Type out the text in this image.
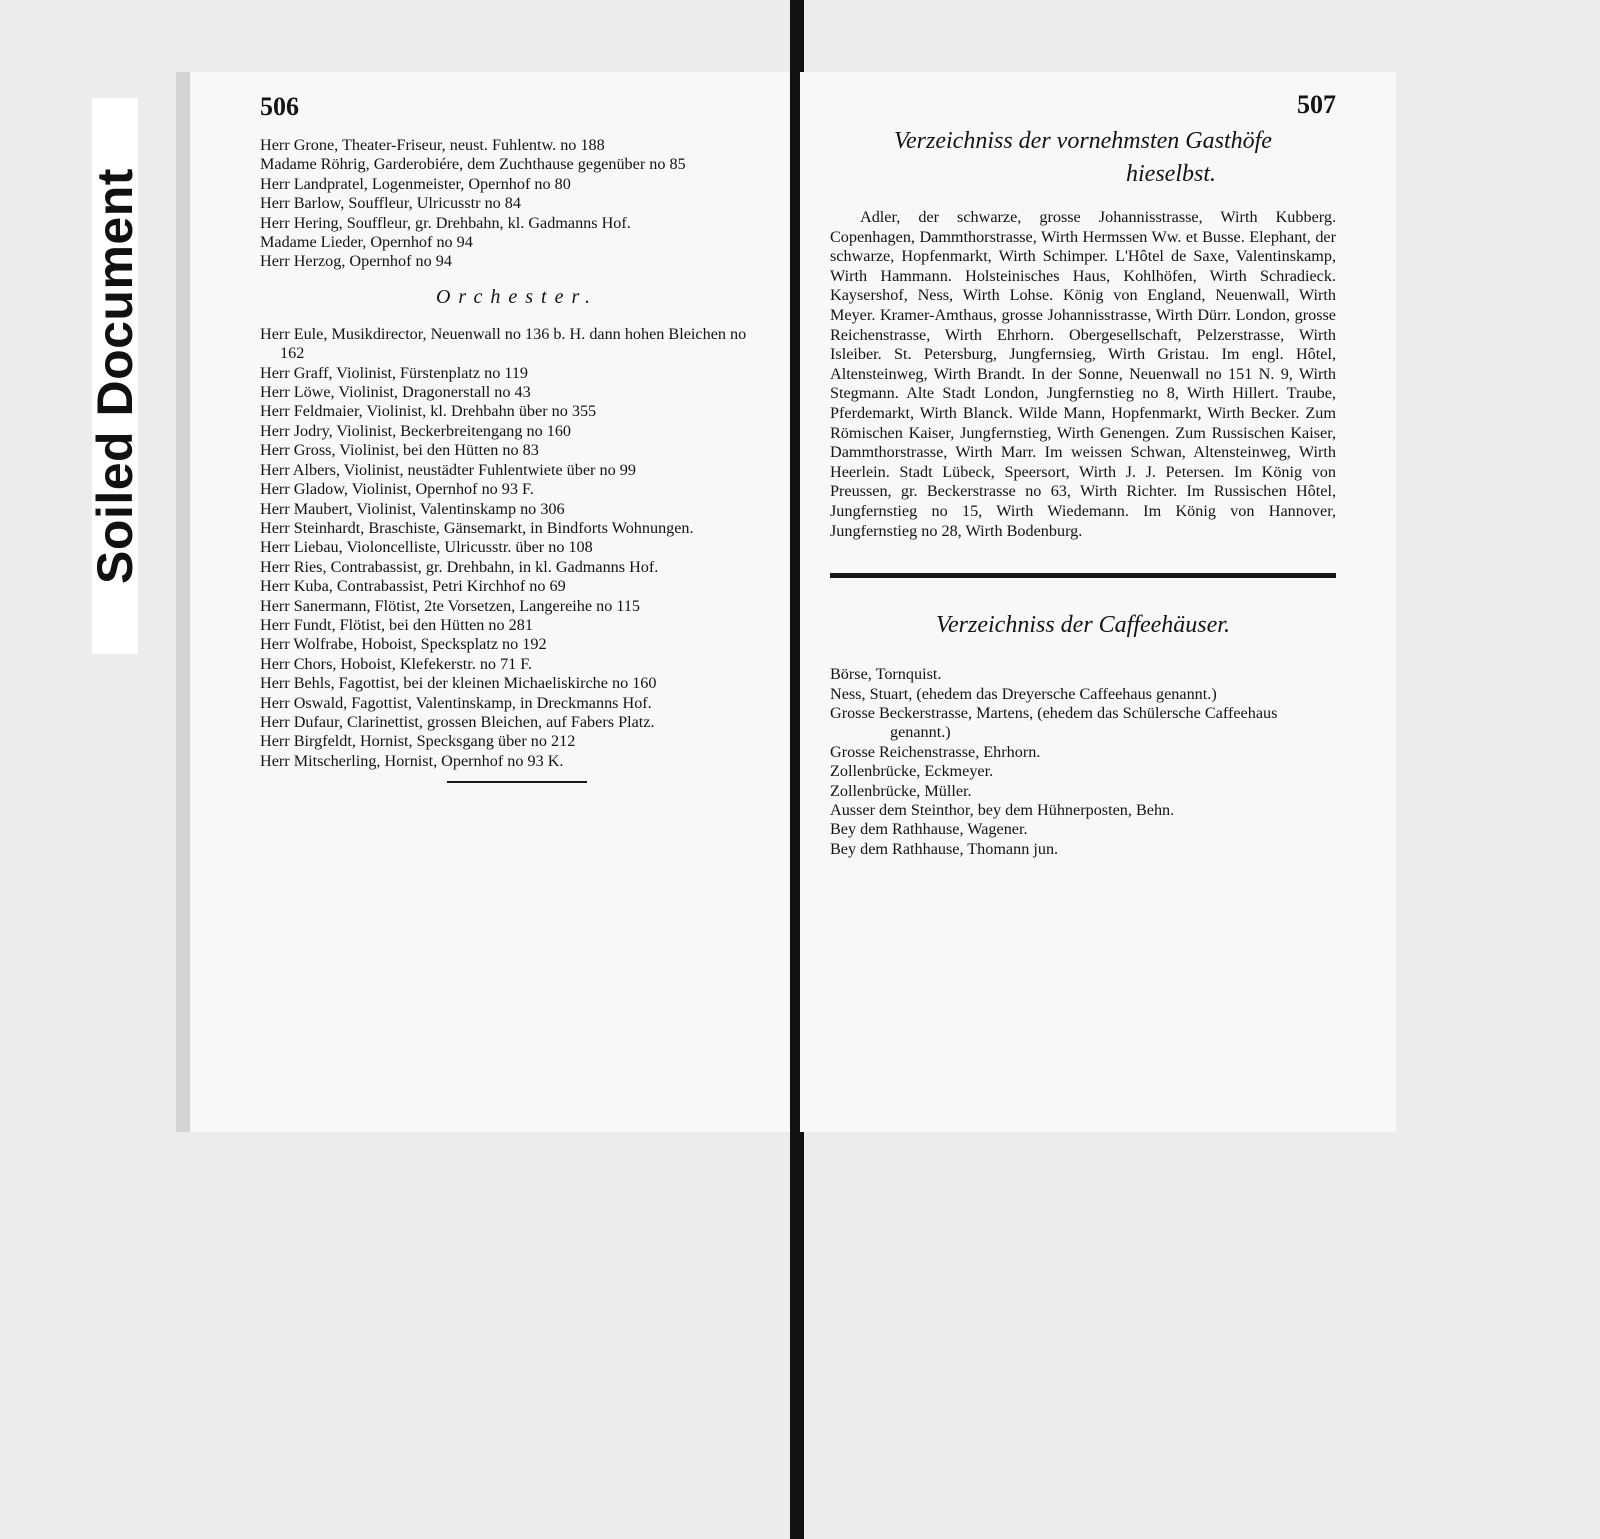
Soiled Document
506

Herr Grone, Theater-Friseur, neust. Fuhlentw. no 188

Madame Röhrig, Garderobiére, dem Zuchthause gegenüber no 85

Herr Landpratel, Logenmeister, Opernhof no 80

Herr Barlow, Souffleur, Ulricusstr no 84

Herr Hering, Souffleur, gr. Drehbahn, kl. Gadmanns Hof.

Madame Lieder, Opernhof no 94

Herr Herzog, Opernhof no 94

Orchester.

Herr Eule, Musikdirector, Neuenwall no 136 b. H. dann hohen Bleichen no 162

Herr Graff, Violinist, Fürstenplatz no 119

Herr Löwe, Violinist, Dragonerstall no 43

Herr Feldmaier, Violinist, kl. Drehbahn über no 355

Herr Jodry, Violinist, Beckerbreitengang no 160

Herr Gross, Violinist, bei den Hütten no 83

Herr Albers, Violinist, neustädter Fuhlentwiete über no 99

Herr Gladow, Violinist, Opernhof no 93 F.

Herr Maubert, Violinist, Valentinskamp no 306

Herr Steinhardt, Braschiste, Gänsemarkt, in Bindforts Wohnungen.

Herr Liebau, Violoncelliste, Ulricusstr. über no 108

Herr Ries, Contrabassist, gr. Drehbahn, in kl. Gadmanns Hof.

Herr Kuba, Contrabassist, Petri Kirchhof no 69

Herr Sanermann, Flötist, 2te Vorsetzen, Langereihe no 115

Herr Fundt, Flötist, bei den Hütten no 281

Herr Wolfrabe, Hoboist, Specksplatz no 192

Herr Chors, Hoboist, Klefekerstr. no 71 F.

Herr Behls, Fagottist, bei der kleinen Michaeliskirche no 160

Herr Oswald, Fagottist, Valentinskamp, in Dreckmanns Hof.

Herr Dufaur, Clarinettist, grossen Bleichen, auf Fabers Platz.

Herr Birgfeldt, Hornist, Specksgang über no 212

Herr Mitscherling, Hornist, Opernhof no 93 K.

507
Verzeichniss der vornehmsten Gasthöfe
hieselbst.

Adler, der schwarze, grosse Johannisstrasse, Wirth Kubberg. Copenhagen, Dammthorstrasse, Wirth Hermssen Ww. et Busse. Elephant, der schwarze, Hopfenmarkt, Wirth Schimper. L'Hôtel de Saxe, Valentinskamp, Wirth Hammann. Holsteinisches Haus, Kohlhöfen, Wirth Schradieck. Kaysershof, Ness, Wirth Lohse. König von England, Neuenwall, Wirth Meyer. Kramer-Amthaus, grosse Johannisstrasse, Wirth Dürr. London, grosse Reichenstrasse, Wirth Ehrhorn. Obergesellschaft, Pelzerstrasse, Wirth Isleiber. St. Petersburg, Jungfernsieg, Wirth Gristau. Im engl. Hôtel, Altensteinweg, Wirth Brandt. In der Sonne, Neuenwall no 151 N. 9, Wirth Stegmann. Alte Stadt London, Jungfernstieg no 8, Wirth Hillert. Traube, Pferdemarkt, Wirth Blanck. Wilde Mann, Hopfenmarkt, Wirth Becker. Zum Römischen Kaiser, Jungfernstieg, Wirth Genengen. Zum Russischen Kaiser, Dammthorstrasse, Wirth Marr. Im weissen Schwan, Altensteinweg, Wirth Heerlein. Stadt Lübeck, Speersort, Wirth J. J. Petersen. Im König von Preussen, gr. Beckerstrasse no 63, Wirth Richter. Im Russischen Hôtel, Jungfernstieg no 15, Wirth Wiedemann. Im König von Hannover, Jungfernstieg no 28, Wirth Bodenburg.

Verzeichniss der Caffeehäuser.

Börse, Tornquist.

Ness, Stuart, (ehedem das Dreyersche Caffeehaus genannt.)

Grosse Beckerstrasse, Martens, (ehedem das Schülersche Caffeehaus genannt.)

Grosse Reichenstrasse, Ehrhorn.

Zollenbrücke, Eckmeyer.

Zollenbrücke, Müller.

Ausser dem Steinthor, bey dem Hühnerposten, Behn.

Bey dem Rathhause, Wagener.

Bey dem Rathhause, Thomann jun.
